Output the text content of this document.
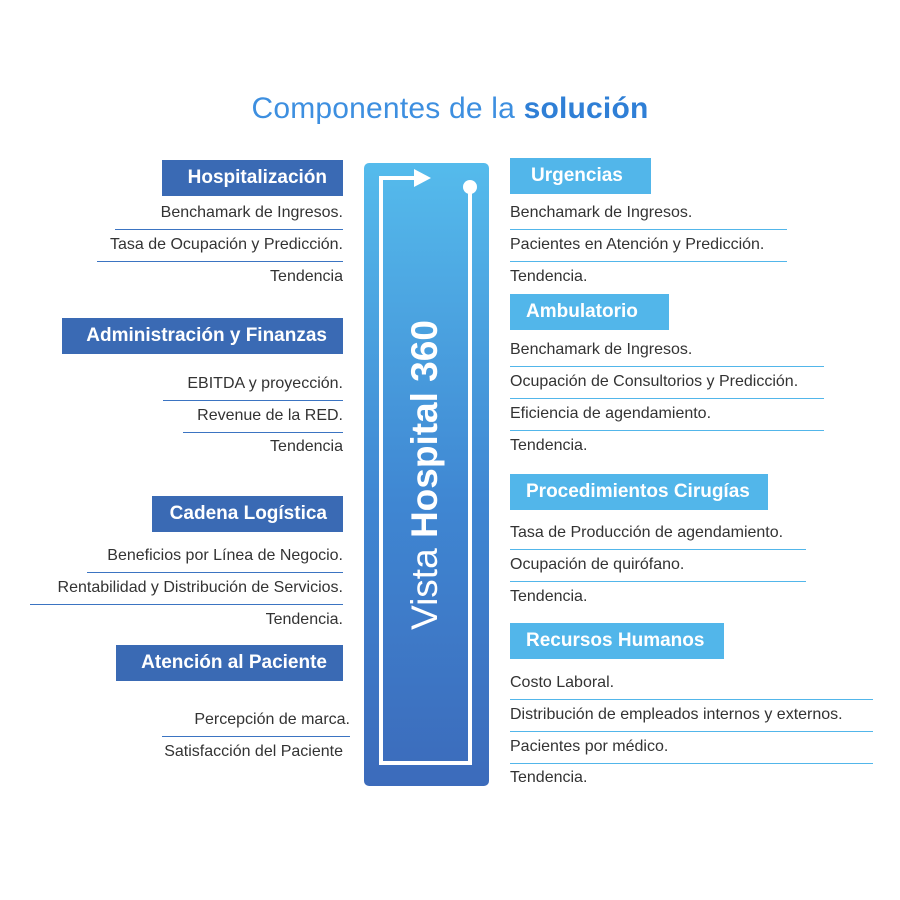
Componentes de la solución
Hospitalización
Benchamark de Ingresos.
Tasa de Ocupación y Predicción.
Tendencia
Administración y Finanzas
EBITDA y proyección.
Revenue de la RED.
Tendencia
Cadena Logística
Beneficios por Línea de Negocio.
Rentabilidad y Distribución de Servicios.
Tendencia.
Atención al Paciente
Percepción de marca.
Satisfacción del Paciente
Vista Hospital 360
Urgencias
Benchamark de Ingresos.
Pacientes en Atención y Predicción.
Tendencia.
Ambulatorio
Benchamark de Ingresos.
Ocupación de Consultorios y Predicción.
Eficiencia de agendamiento.
Tendencia.
Procedimientos Cirugías
Tasa de Producción de agendamiento.
Ocupación de quirófano.
Tendencia.
Recursos Humanos
Costo Laboral.
Distribución de empleados internos y externos.
Pacientes por médico.
Tendencia.
